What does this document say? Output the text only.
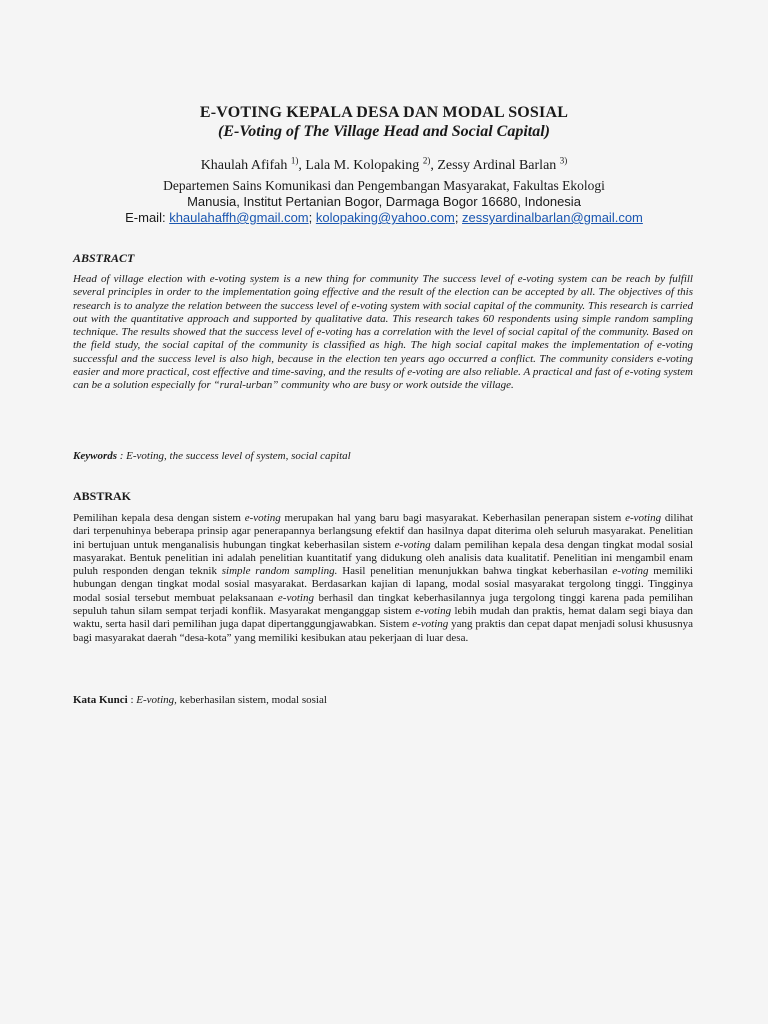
E-VOTING KEPALA DESA DAN MODAL SOSIAL
(E-Voting of The Village Head and Social Capital)
Khaulah Afifah $^{1)}$, Lala M. Kolopaking $^{2)}$, Zessy Ardinal Barlan $^{3)}$
Departemen Sains Komunikasi dan Pengembangan Masyarakat, Fakultas Ekologi
Manusia, Institut Pertanian Bogor, Darmaga Bogor 16680, Indonesia
E-mail: khaulahaffh@gmail.com; kolopaking@yahoo.com; zessyardinalbarlan@gmail.com
ABSTRACT
Head of village election with e-voting system is a new thing for community The success level of e-voting system can be reach by fulfill several principles in order to the implementation going effective and the result of the election can be accepted by all. The objectives of this research is to analyze the relation between the success level of e-voting system with social capital of the community. This research is carried out with the quantitative approach and supported by qualitative data. This research takes 60 respondents using simple random sampling technique. The results showed that the success level of e-voting has a correlation with the level of social capital of the community. Based on the field study, the social capital of the community is classified as high. The high social capital makes the implementation of e-voting successful and the success level is also high, because in the election ten years ago occurred a conflict. The community considers e-voting easier and more practical, cost effective and time-saving, and the results of e-voting are also reliable. A practical and fast of e-voting system can be a solution especially for “rural-urban” community who are busy or work outside the village.
Keywords : E-voting, the success level of system, social capital
ABSTRAK
Pemilihan kepala desa dengan sistem e-voting merupakan hal yang baru bagi masyarakat. Keberhasilan penerapan sistem e-voting dilihat dari terpenuhinya beberapa prinsip agar penerapannya berlangsung efektif dan hasilnya dapat diterima oleh seluruh masyarakat. Penelitian ini bertujuan untuk menganalisis hubungan tingkat keberhasilan sistem e-voting dalam pemilihan kepala desa dengan tingkat modal sosial masyarakat. Bentuk penelitian ini adalah penelitian kuantitatif yang didukung oleh analisis data kualitatif. Penelitian ini mengambil enam puluh responden dengan teknik simple random sampling. Hasil penelitian menunjukkan bahwa tingkat keberhasilan e-voting memiliki hubungan dengan tingkat modal sosial masyarakat. Berdasarkan kajian di lapang, modal sosial masyarakat tergolong tinggi. Tingginya modal sosial tersebut membuat pelaksanaan e-voting berhasil dan tingkat keberhasilannya juga tergolong tinggi karena pada pemilihan sepuluh tahun silam sempat terjadi konflik. Masyarakat menganggap sistem e-voting lebih mudah dan praktis, hemat dalam segi biaya dan waktu, serta hasil dari pemilihan juga dapat dipertanggungjawabkan. Sistem e-voting yang praktis dan cepat dapat menjadi solusi khususnya bagi masyarakat daerah “desa-kota” yang memiliki kesibukan atau pekerjaan di luar desa.
Kata Kunci : E-voting, keberhasilan sistem, modal sosial
